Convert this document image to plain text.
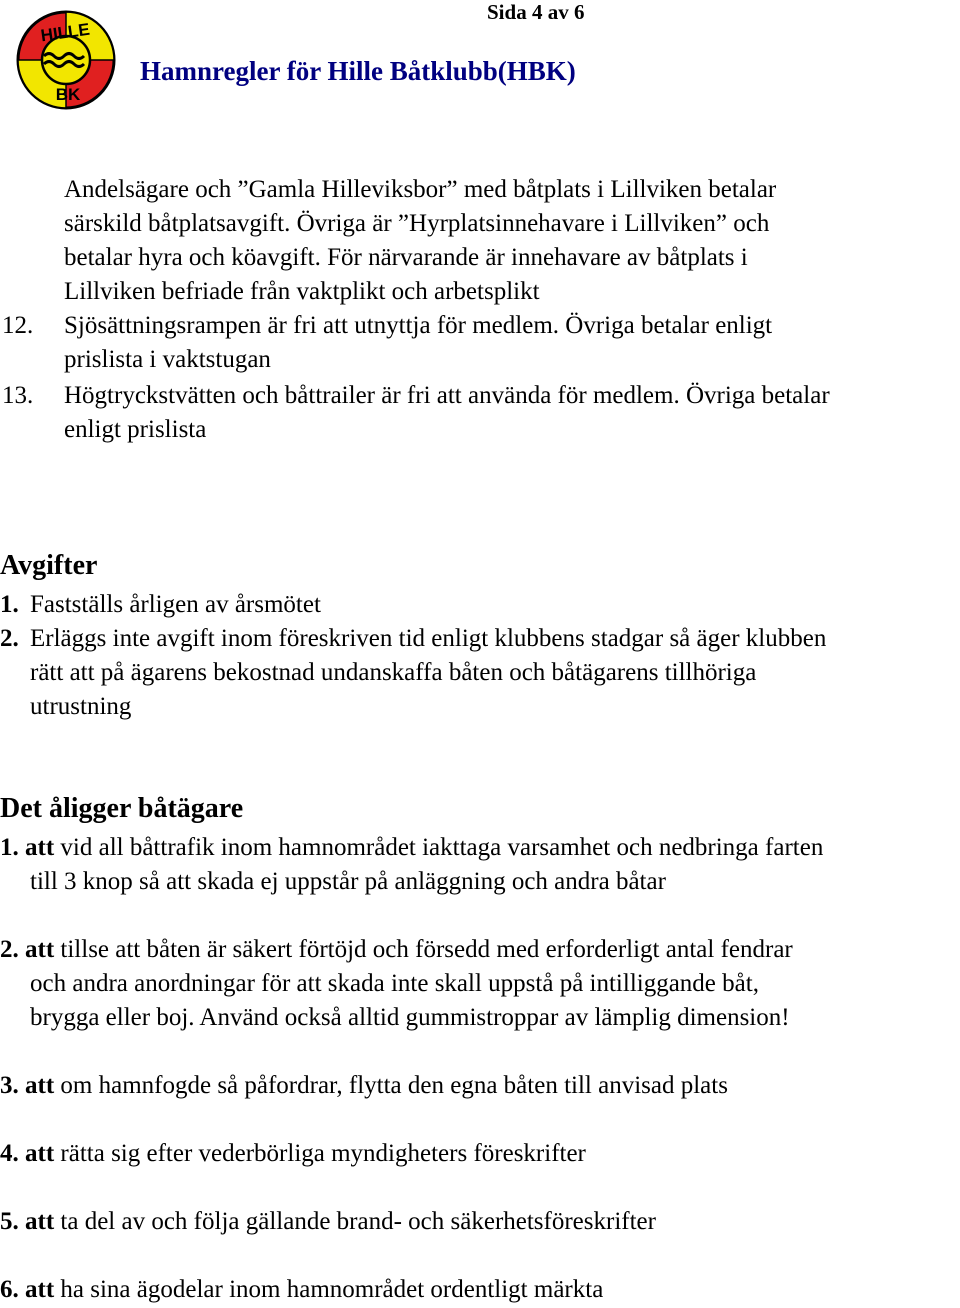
HILLE
BK
Sida 4 av 6
Hamnregler för Hille Båtklubb(HBK)
Andelsägare och ”Gamla Hilleviksbor” med båtplats i Lillviken betalar
särskild båtplatsavgift. Övriga är ”Hyrplatsinnehavare i Lillviken” och
betalar hyra och köavgift. För närvarande är innehavare av båtplats i
Lillviken befriade från vaktplikt och arbetsplikt
12. Sjösättningsrampen är fri att utnyttja för medlem. Övriga betalar enligt
prislista i vaktstugan
13. Högtryckstvätten och båttrailer är fri att använda för medlem. Övriga betalar
enligt prislista
Avgifter
1. Fastställs årligen av årsmötet
2. Erläggs inte avgift inom föreskriven tid enligt klubbens stadgar så äger klubben
rätt att på ägarens bekostnad undanskaffa båten och båtägarens tillhöriga
utrustning
Det åligger båtägare
1. att vid all båttrafik inom hamnområdet iakttaga varsamhet och nedbringa farten
till 3 knop så att skada ej uppstår på anläggning och andra båtar
2. att tillse att båten är säkert förtöjd och försedd med erforderligt antal fendrar
och andra anordningar för att skada inte skall uppstå på intilliggande båt,
brygga eller boj. Använd också alltid gummistroppar av lämplig dimension!
3. att om hamnfogde så påfordrar, flytta den egna båten till anvisad plats
4. att rätta sig efter vederbörliga myndigheters föreskrifter
5. att ta del av och följa gällande brand- och säkerhetsföreskrifter
6. att ha sina ägodelar inom hamnområdet ordentligt märkta
